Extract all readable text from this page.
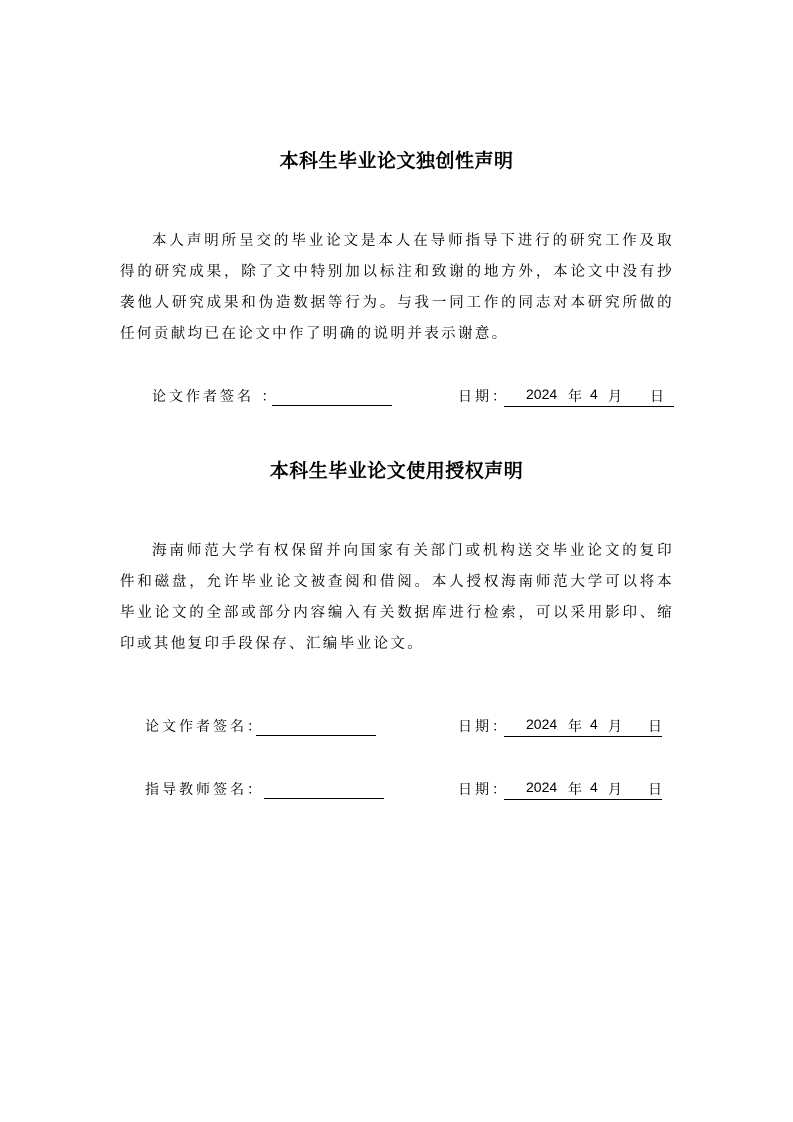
本科生毕业论文独创性声明
本人声明所呈交的毕业论文是本人在导师指导下进行的研究工作及取得的研究成果，除了文中特别加以标注和致谢的地方外，本论文中没有抄袭他人研究成果和伪造数据等行为。与我一同工作的同志对本研究所做的任何贡献均已在论文中作了明确的说明并表示谢意。
论文作者签名 ：	日期： 2024 年 4 月 日
本科生毕业论文使用授权声明
海南师范大学有权保留并向国家有关部门或机构送交毕业论文的复印件和磁盘，允许毕业论文被查阅和借阅。本人授权海南师范大学可以将本毕业论文的全部或部分内容编入有关数据库进行检索，可以采用影印、缩印或其他复印手段保存、汇编毕业论文。
论文作者签名：	日期： 2024 年 4 月 日
指导教师签名：	日期： 2024 年 4 月 日
